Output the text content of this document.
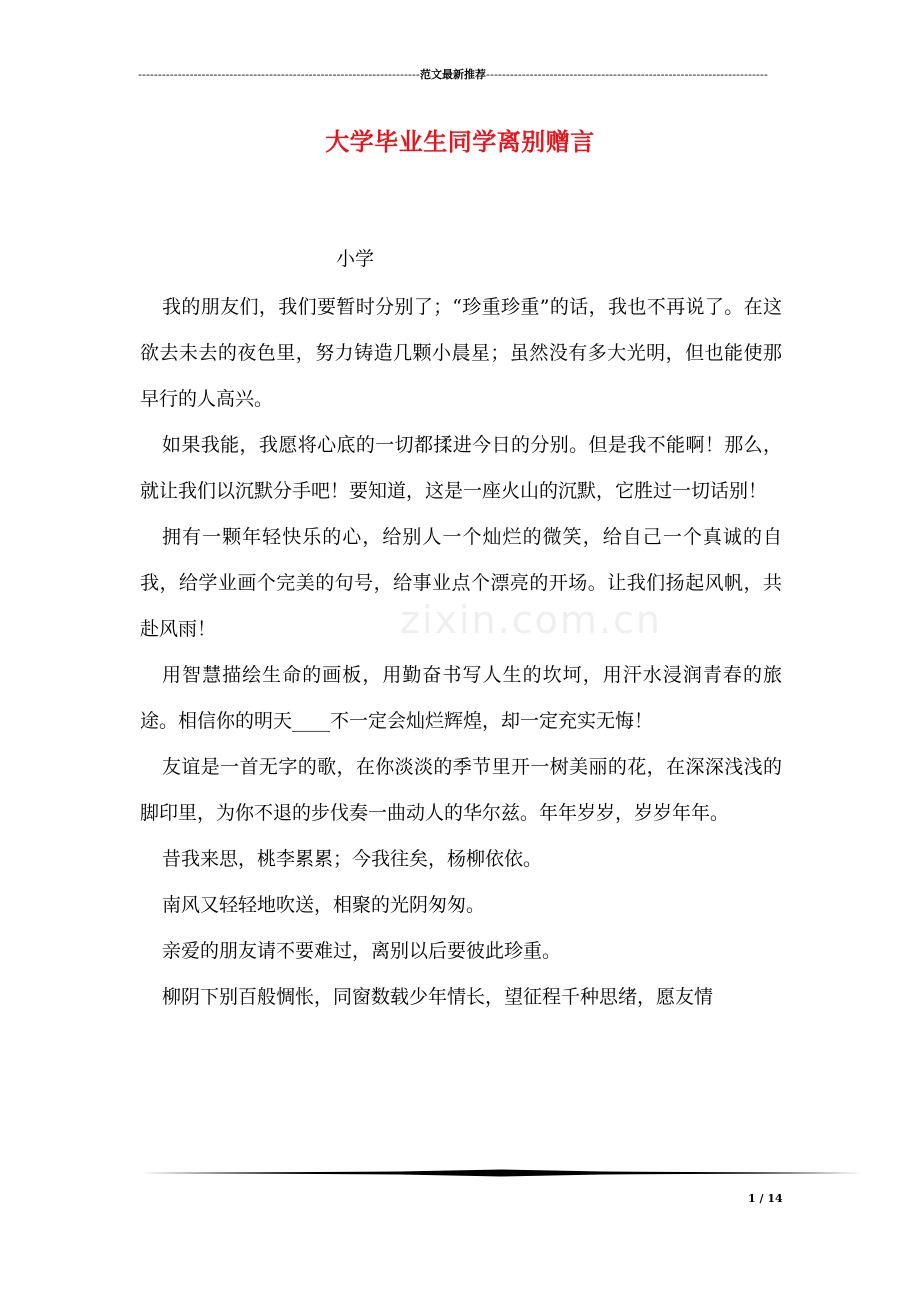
-----
范文最新推荐
-----
大学毕业生同学离别赠言
小学
zixin.com.cn

我的朋友们，我们要暂时分别了；“珍重珍重”的话，我也不再说了。在这欲去未去的夜色里，努力铸造几颗小晨星；虽然没有多大光明，但也能使那早行的人高兴。

如果我能，我愿将心底的一切都揉进今日的分别。但是我不能啊！那么，就让我们以沉默分手吧！要知道，这是一座火山的沉默，它胜过一切话别！

拥有一颗年轻快乐的心，给别人一个灿烂的微笑，给自己一个真诚的自我，给学业画个完美的句号，给事业点个漂亮的开场。让我们扬起风帆，共赴风雨！

用智慧描绘生命的画板，用勤奋书写人生的坎坷，用汗水浸润青春的旅途。相信你的明天____不一定会灿烂辉煌，却一定充实无悔！

友谊是一首无字的歌，在你淡淡的季节里开一树美丽的花，在深深浅浅的脚印里，为你不退的步伐奏一曲动人的华尔兹。年年岁岁，岁岁年年。

昔我来思，桃李累累；今我往矣，杨柳依依。

南风又轻轻地吹送，相聚的光阴匆匆。

亲爱的朋友请不要难过，离别以后要彼此珍重。

柳阴下别百般惆怅，同窗数载少年情长，望征程千种思绪，愿友情

1 / 14
